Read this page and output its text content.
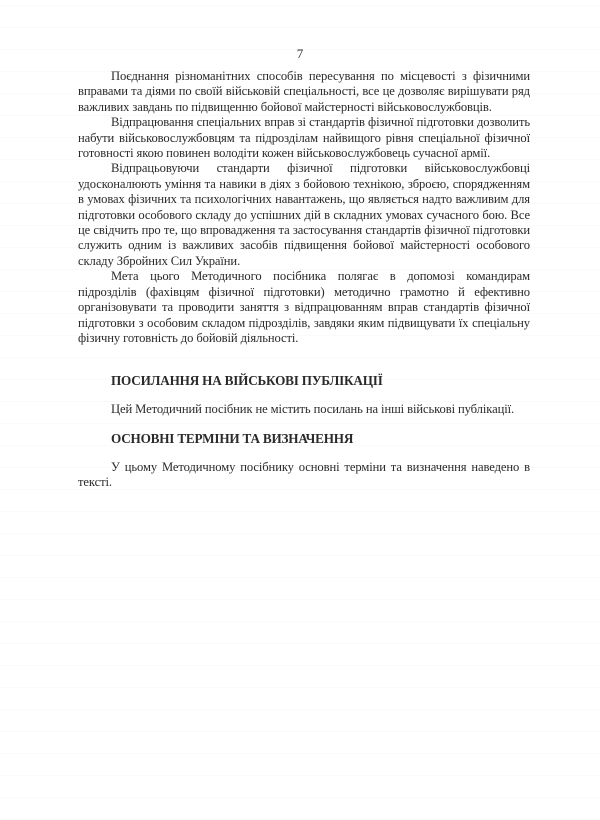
7

Поєднання різноманітних способів пересування по місцевості з фізичними вправами та діями по своїй військовій спеціальності, все це дозволяє вирішувати ряд важливих завдань по підвищенню бойової майстерності військовослужбовців.

Відпрацювання спеціальних вправ зі стандартів фізичної підготовки дозволить набути військовослужбовцям та підрозділам найвищого рівня спеціальної фізичної готовності якою повинен володіти кожен військовослужбовець сучасної армії.

Відпрацьовуючи стандарти фізичної підготовки військовослужбовці удосконалюють уміння та навики в діях з бойовою технікою, зброєю, спорядженням в умовах фізичних та психологічних навантажень, що являється надто важливим для підготовки особового складу до успішних дій в складних умовах сучасного бою. Все це свідчить про те, що впровадження та застосування стандартів фізичної підготовки служить одним із важливих засобів підвищення бойової майстерності особового складу Збройних Сил України.

Мета цього Методичного посібника полягає в допомозі командирам підрозділів (фахівцям фізичної підготовки) методично грамотно й ефективно організовувати та проводити заняття з відпрацюванням вправ стандартів фізичної підготовки з особовим складом підрозділів, завдяки яким підвищувати їх спеціальну фізичну готовність до бойовій діяльності.

ПОСИЛАННЯ НА ВІЙСЬКОВІ ПУБЛІКАЦІЇ

Цей Методичний посібник не містить посилань на інші військові публікації.

ОСНОВНІ ТЕРМІНИ ТА ВИЗНАЧЕННЯ

У цьому Методичному посібнику основні терміни та визначення наведено в тексті.
